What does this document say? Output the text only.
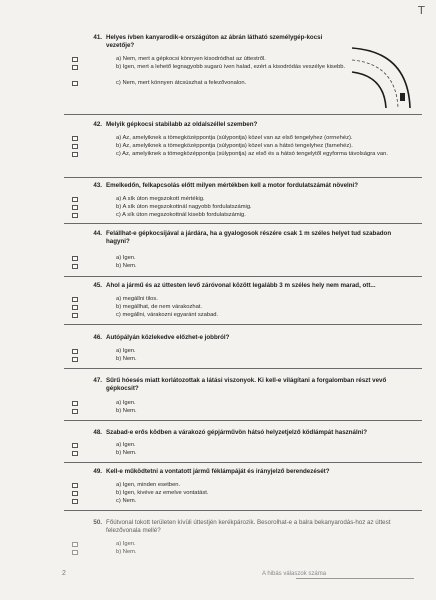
T
41. Helyes ívben kanyarodik-e országúton az ábrán látható személygép-kocsi vezetője?
a) Nem, mert a gépkocsi könnyen kisodródhat az úttestről.
b) Igen, mert a lehető legnagyobb sugarú íven halad, ezért a kisodródás veszélye kisebb.
c) Nem, mert könnyen átcsúszhat a felezővonalon.
42. Melyik gépkocsi stabilabb az oldalszéllel szemben?
a) Az, amelyiknek a tömegközéppontja (súlypontja) közel van az első tengelyhez (orrnehéz).
b) Az, amelyiknek a tömegközéppontja (súlypontja) közel van a hátsó tengelyhez (farnehéz).
c) Az, amelyiknek a tömegközéppontja (súlypontja) az első és a hátsó tengelytől egyforma távolságra van.
43. Emelkedőn, felkapcsolás előtt milyen mértékben kell a motor fordulatszámát növelni?
a) A sík úton megszokott mértékig.
b) A sík úton megszokottnál nagyobb fordulatszámig.
c) A sík úton megszokottnál kisebb fordulatszámig.
44. Felállhat-e gépkocsijával a járdára, ha a gyalogosok részére csak 1 m széles helyet tud szabadon hagyni?
a) Igen.
b) Nem.
45. Ahol a jármű és az úttesten levő záróvonal között legalább 3 m széles hely nem marad, ott...
a) megállni tilos.
b) megállhat, de nem várakozhat.
c) megállni, várakozni egyaránt szabad.
46. Autópályán közlekedve előzhet-e jobbról?
a) Igen.
b) Nem.
47. Sűrű hóesés miatt korlátozottak a látási viszonyok. Ki kell-e világítani a forgalomban részt vevő gépkocsit?
a) Igen.
b) Nem.
48. Szabad-e erős ködben a várakozó gépjárművön hátsó helyzetjelző ködlámpát használni?
a) Igen.
b) Nem.
49. Kell-e működtetni a vontatott jármű féklámpáját és irányjelző berendezését?
a) Igen, minden esetben.
b) Igen, kivéve az emelve vontatást.
c) Nem.
50. Főútvonal tokott területen kívüli úttestjén kerékpározik. Besorolhat-e a balra bekanyarodás-hoz az úttest felezővonala mellé?
a) Igen.
b) Nem.
2	A hibás válaszok száma
